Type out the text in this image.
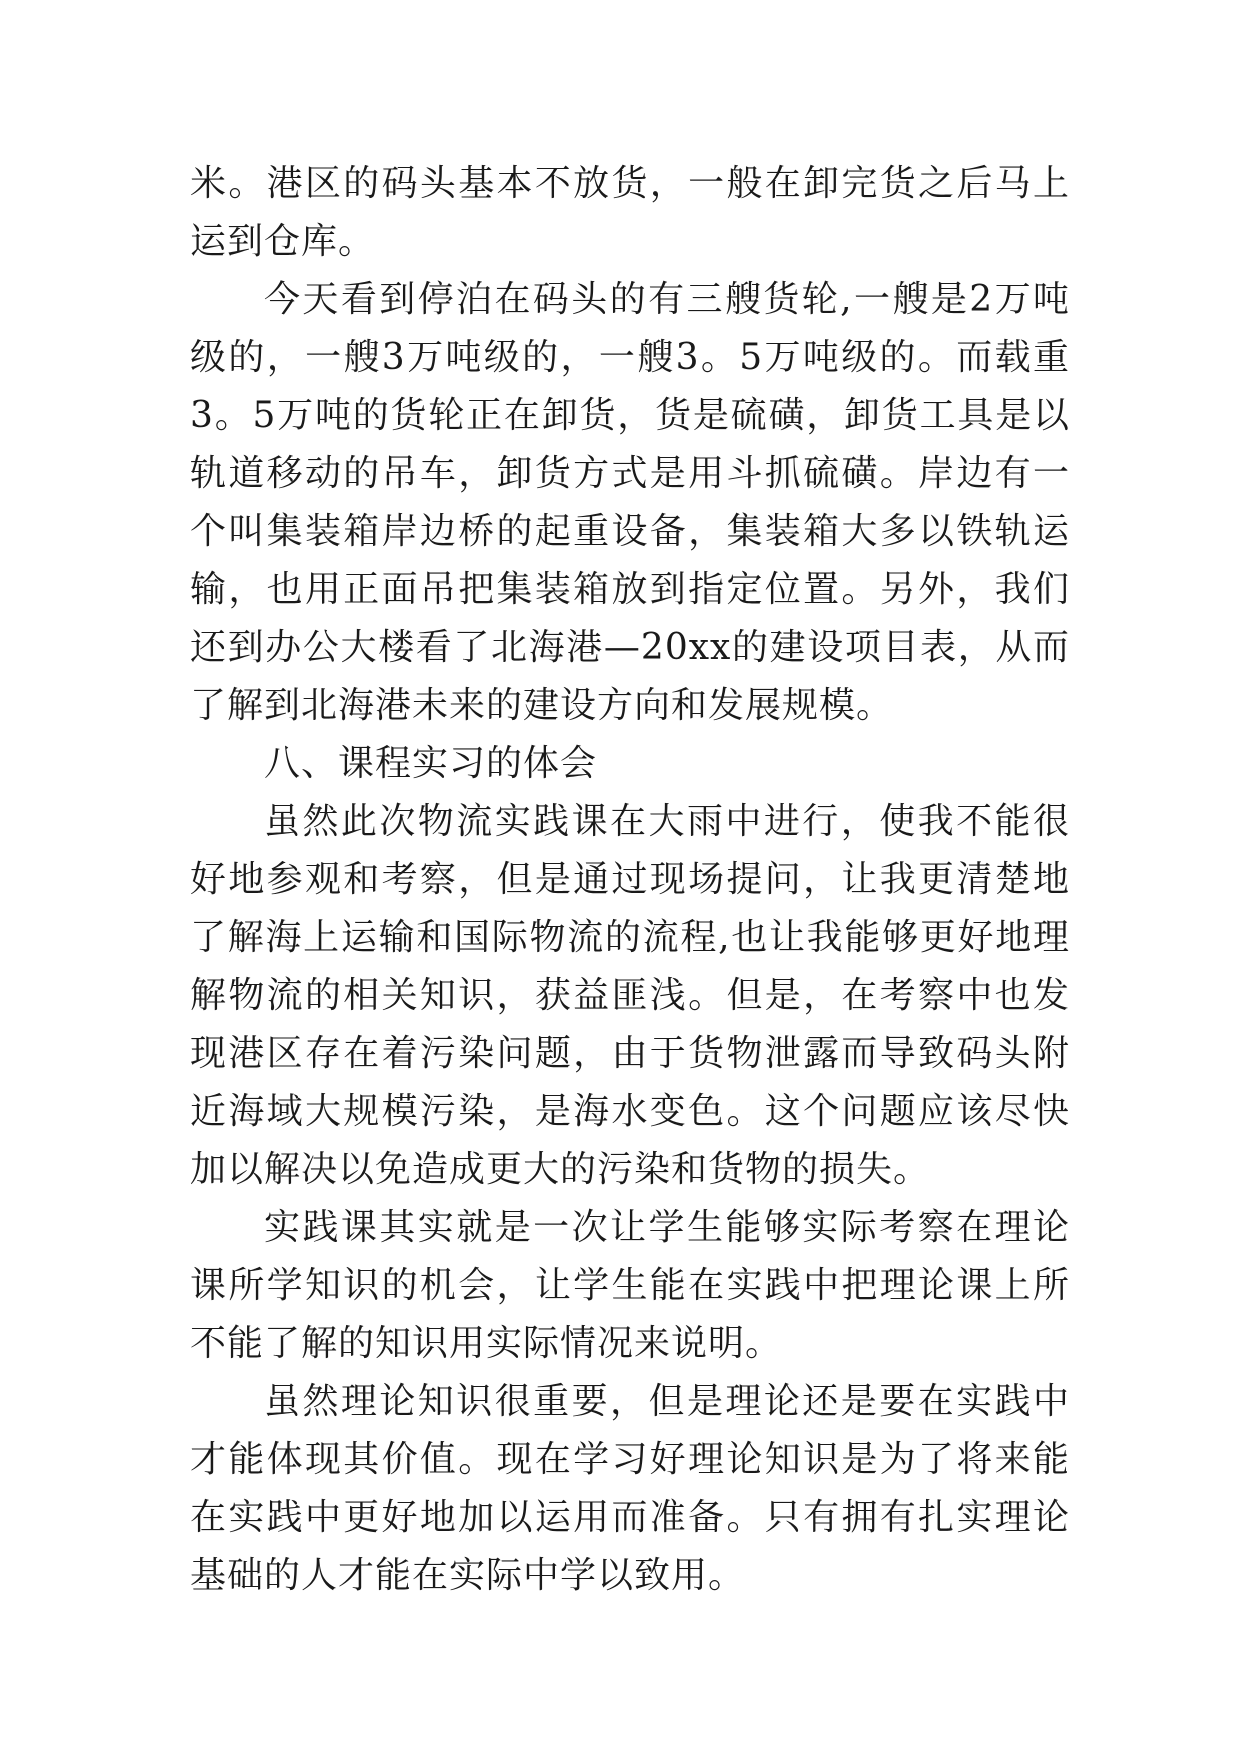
米。港区的码头基本不放货，一般在卸完货之后马上运到仓库。

今天看到停泊在码头的有三艘货轮,一艘是2万吨级的，一艘3万吨级的，一艘3。5万吨级的。而载重3。5万吨的货轮正在卸货，货是硫磺，卸货工具是以轨道移动的吊车，卸货方式是用斗抓硫磺。岸边有一个叫集装箱岸边桥的起重设备，集装箱大多以铁轨运输，也用正面吊把集装箱放到指定位置。另外，我们还到办公大楼看了北海港—20xx的建设项目表，从而了解到北海港未来的建设方向和发展规模。

八、课程实习的体会

虽然此次物流实践课在大雨中进行，使我不能很好地参观和考察，但是通过现场提问，让我更清楚地了解海上运输和国际物流的流程,也让我能够更好地理解物流的相关知识，获益匪浅。但是，在考察中也发现港区存在着污染问题，由于货物泄露而导致码头附近海域大规模污染，是海水变色。这个问题应该尽快加以解决以免造成更大的污染和货物的损失。

实践课其实就是一次让学生能够实际考察在理论课所学知识的机会，让学生能在实践中把理论课上所不能了解的知识用实际情况来说明。

虽然理论知识很重要，但是理论还是要在实践中才能体现其价值。现在学习好理论知识是为了将来能在实践中更好地加以运用而准备。只有拥有扎实理论基础的人才能在实际中学以致用。
